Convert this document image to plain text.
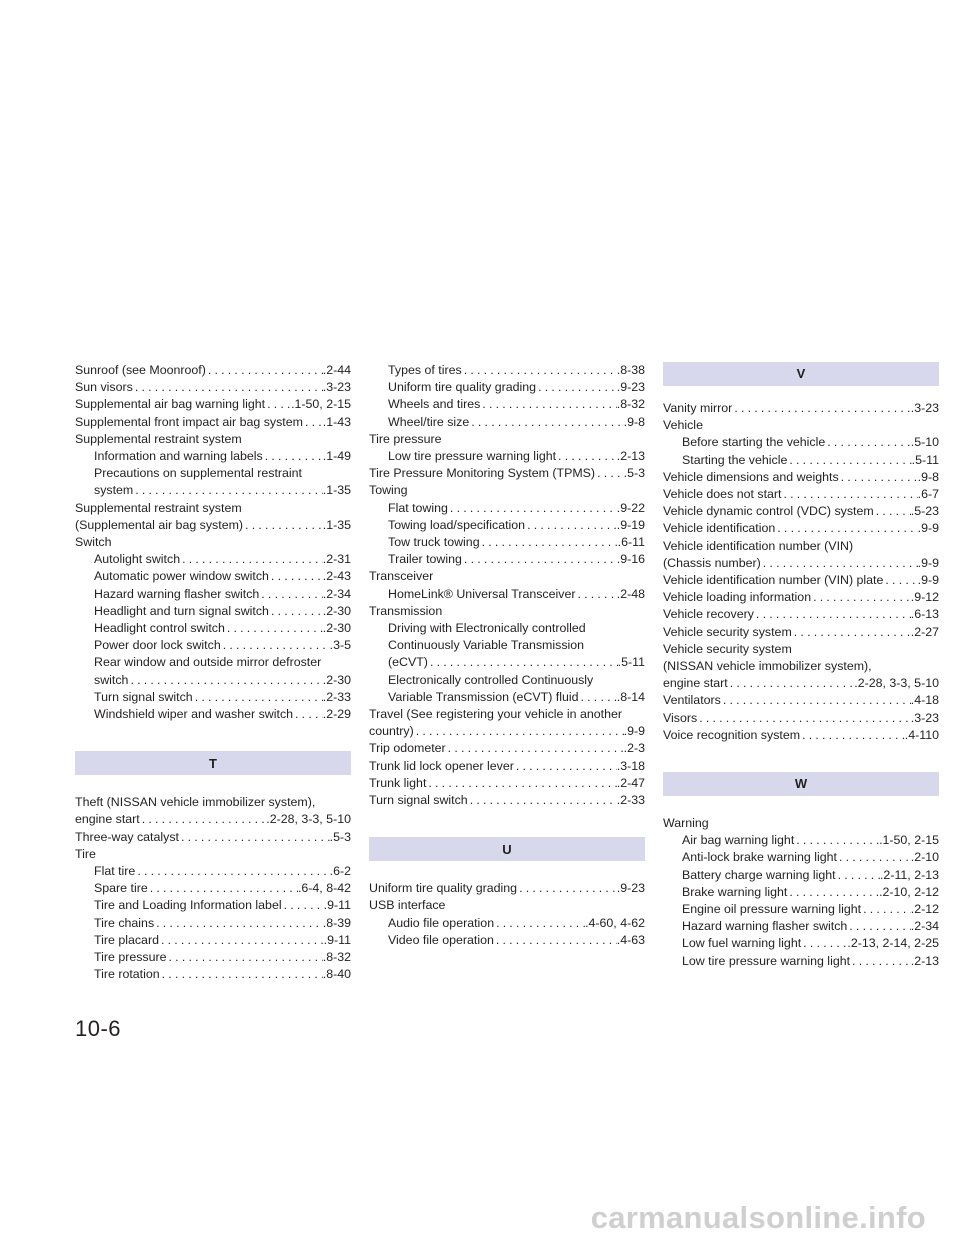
Sunroof (see Moonroof) .....	.2-44
Sun visors .....	.3-23
Supplemental air bag warning light ..... .1-50, 2-15
Supplemental front impact air bag system ..... .1-43
Supplemental restraint system
Information and warning labels .....	.1-49
Precautions on supplemental restraint
system .....	.1-35
Supplemental restraint system
(Supplemental air bag system) .....	.1-35
Switch
Autolight switch .....	.2-31
Automatic power window switch .....	.2-43
Hazard warning flasher switch .....	.2-34
Headlight and turn signal switch .....	.2-30
Headlight control switch .....	.2-30
Power door lock switch .....	.3-5
Rear window and outside mirror defroster
switch .....	.2-30
Turn signal switch .....	.2-33
Windshield wiper and washer switch ..... .2-29
T
Theft (NISSAN vehicle immobilizer system),
engine start .....	.2-28, 3-3, 5-10
Three-way catalyst .....	.5-3
Tire
Flat tire .....	.6-2
Spare tire .....	.6-4, 8-42
Tire and Loading Information label .....	.9-11
Tire chains .....	.8-39
Tire placard .....	.9-11
Tire pressure .....	.8-32
Tire rotation .....	.8-40
Types of tires .....	.8-38
Uniform tire quality grading .....	.9-23
Wheels and tires .....	.8-32
Wheel/tire size .....	.9-8
Tire pressure
Low tire pressure warning light .....	.2-13
Tire Pressure Monitoring System (TPMS) ..... .5-3
Towing
Flat towing .....	.9-22
Towing load/specification .....	.9-19
Tow truck towing .....	.6-11
Trailer towing .....	.9-16
Transceiver
HomeLink® Universal Transceiver .....	.2-48
Transmission
Driving with Electronically controlled
Continuously Variable Transmission
(eCVT) .....	.5-11
Electronically controlled Continuously
Variable Transmission (eCVT) fluid .....	.8-14
Travel (See registering your vehicle in another
country) .....	.9-9
Trip odometer .....	.2-3
Trunk lid lock opener lever .....	.3-18
Trunk light .....	.2-47
Turn signal switch .....	.2-33
U
Uniform tire quality grading .....	.9-23
USB interface
Audio file operation .....	.4-60, 4-62
Video file operation .....	.4-63
V
Vanity mirror .....	.3-23
Vehicle
Before starting the vehicle .....	.5-10
Starting the vehicle .....	.5-11
Vehicle dimensions and weights .....	.9-8
Vehicle does not start .....	.6-7
Vehicle dynamic control (VDC) system .....	.5-23
Vehicle identification .....	.9-9
Vehicle identification number (VIN)
(Chassis number) .....	.9-9
Vehicle identification number (VIN) plate .....	.9-9
Vehicle loading information .....	.9-12
Vehicle recovery .....	.6-13
Vehicle security system .....	.2-27
Vehicle security system
(NISSAN vehicle immobilizer system),
engine start .....	.2-28, 3-3, 5-10
Ventilators .....	.4-18
Visors .....	.3-23
Voice recognition system .....	.4-110
W
Warning
Air bag warning light .....	.1-50, 2-15
Anti-lock brake warning light .....	.2-10
Battery charge warning light .....	.2-11, 2-13
Brake warning light .....	.2-10, 2-12
Engine oil pressure warning light .....	.2-12
Hazard warning flasher switch .....	.2-34
Low fuel warning light .....	.2-13, 2-14, 2-25
Low tire pressure warning light .....	.2-13
10-6
carmanualsonline.info
